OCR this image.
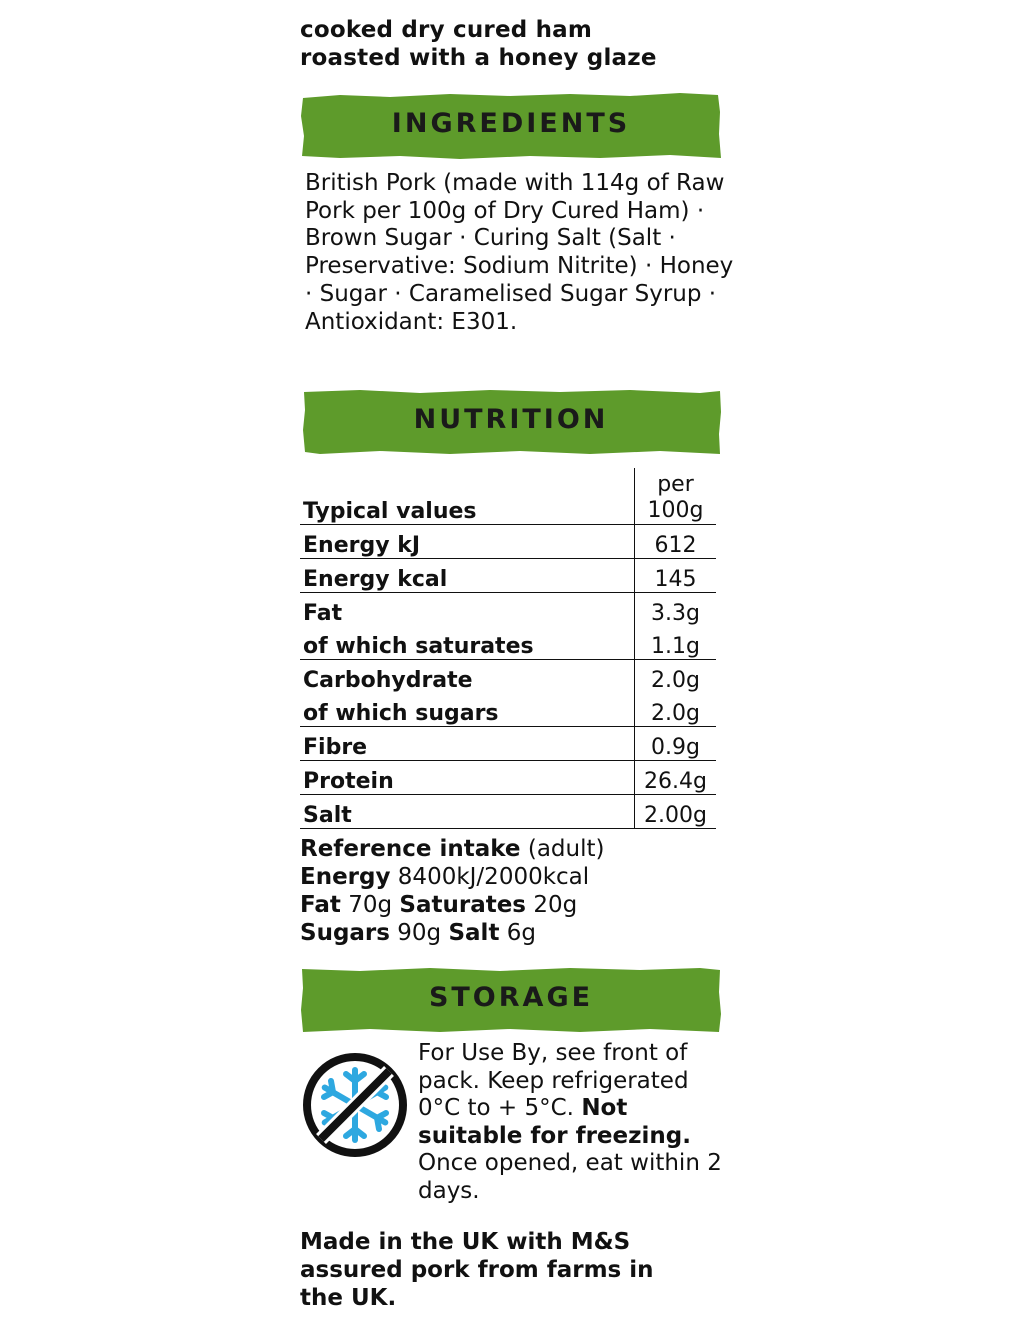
cooked dry cured ham
roasted with a honey glaze
INGREDIENTS
British Pork (made with 114g of Raw Pork per 100g of Dry Cured Ham) · Brown Sugar · Curing Salt (Salt · Preservative: Sodium Nitrite) · Honey · Sugar · Caramelised Sugar Syrup · Antioxidant: E301.
NUTRITION
Typical values	per
100g

Energy kJ	612
Energy kcal	145
Fat	3.3g
of which saturates	1.1g
Carbohydrate	2.0g
of which sugars	2.0g
Fibre	0.9g
Protein	26.4g
Salt	2.00g
Reference intake (adult)
Energy 8400kJ/2000kcal
Fat 70g Saturates 20g
Sugars 90g Salt 6g
STORAGE
For Use By, see front of pack. Keep refrigerated 0°C to + 5°C. Not suitable for freezing. Once opened, eat within 2 days.
Made in the UK with M&S assured pork from farms in the UK.
